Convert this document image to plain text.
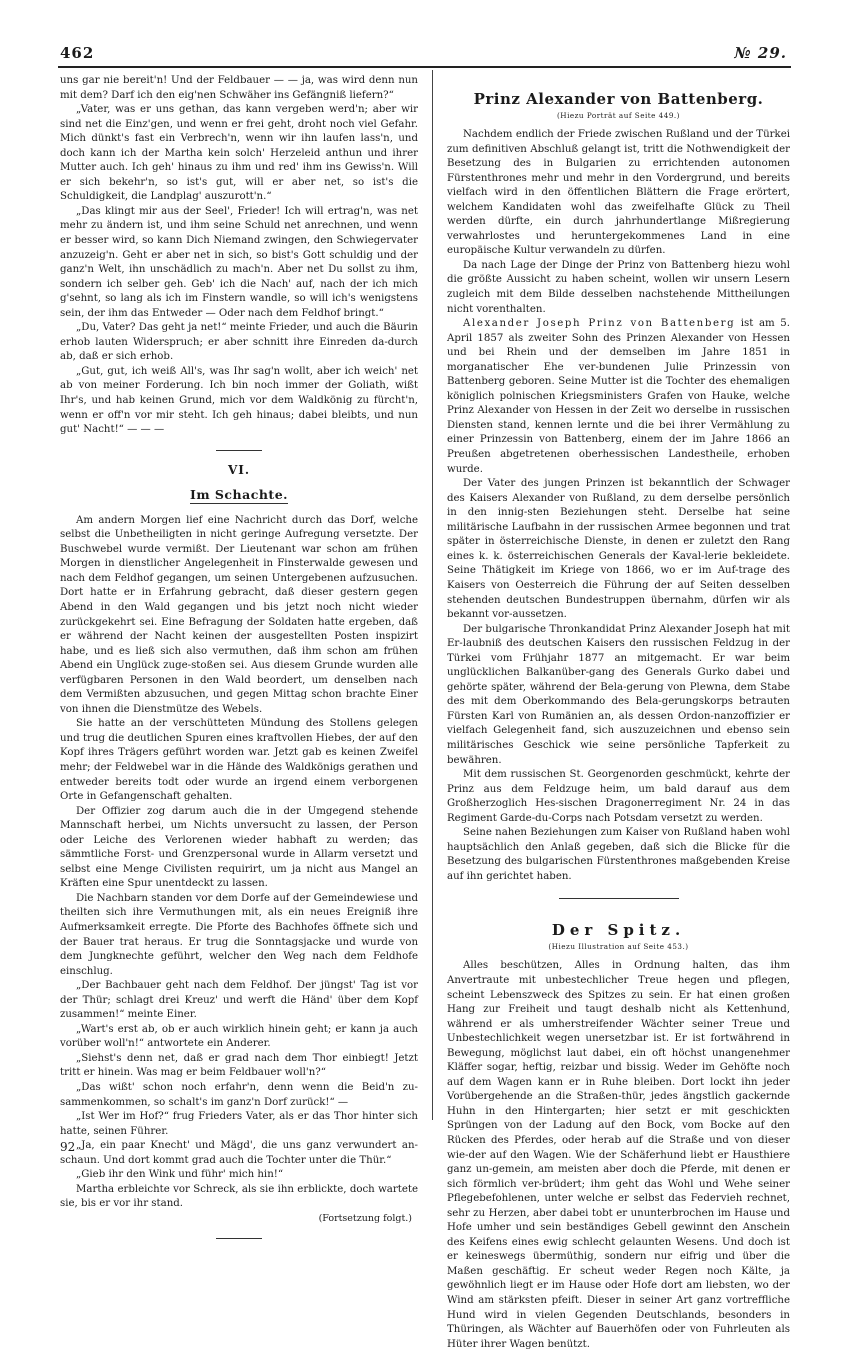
462	№ 29.

uns gar nie bereit'n! Und der Feldbauer — — ja, was wird denn nun mit dem? Darf ich den eig'nen Schwäher ins Gefängniß liefern?“

„Vater, was er uns gethan, das kann vergeben werd'n; aber wir sind net die Einz'gen, und wenn er frei geht, droht noch viel Gefahr. Mich dünkt's fast ein Verbrech'n, wenn wir ihn laufen lass'n, und doch kann ich der Martha kein solch' Herzeleid anthun und ihrer Mutter auch. Ich geh' hinaus zu ihm und red' ihm ins Gewiss'n. Will er sich bekehr'n, so ist's gut, will er aber net, so ist's die Schuldigkeit, die Landplag' auszurott'n.“

„Das klingt mir aus der Seel', Frieder! Ich will ertrag'n, was net mehr zu ändern ist, und ihm seine Schuld net anrechnen, und wenn er besser wird, so kann Dich Niemand zwingen, den Schwiegervater anzuzeig'n. Geht er aber net in sich, so bist's Gott schuldig und der ganz'n Welt, ihn unschädlich zu mach'n. Aber net Du sollst zu ihm, sondern ich selber geh. Geb' ich die Nach' auf, nach der ich mich g'sehnt, so lang als ich im Finstern wandle, so will ich's wenigstens sein, der ihm das Entweder — Oder nach dem Feldhof bringt.“

„Du, Vater? Das geht ja net!“ meinte Frieder, und auch die Bäurin erhob lauten Widerspruch; er aber schnitt ihre Einreden da-durch ab, daß er sich erhob.

„Gut, gut, ich weiß All's, was Ihr sag'n wollt, aber ich weich' net ab von meiner Forderung. Ich bin noch immer der Goliath, wißt Ihr's, und hab keinen Grund, mich vor dem Waldkönig zu fürcht'n, wenn er off'n vor mir steht. Ich geh hinaus; dabei bleibts, und nun gut' Nacht!“ — — —

VI.
Im Schachte.

Am andern Morgen lief eine Nachricht durch das Dorf, welche selbst die Unbetheiligten in nicht geringe Aufregung versetzte. Der Buschwebel wurde vermißt. Der Lieutenant war schon am frühen Morgen in dienstlicher Angelegenheit in Finsterwalde gewesen und nach dem Feldhof gegangen, um seinen Untergebenen aufzusuchen. Dort hatte er in Erfahrung gebracht, daß dieser gestern gegen Abend in den Wald gegangen und bis jetzt noch nicht wieder zurückgekehrt sei. Eine Befragung der Soldaten hatte ergeben, daß er während der Nacht keinen der ausgestellten Posten inspizirt habe, und es ließ sich also vermuthen, daß ihm schon am frühen Abend ein Unglück zuge-stoßen sei. Aus diesem Grunde wurden alle verfügbaren Personen in den Wald beordert, um denselben nach dem Vermißten abzusuchen, und gegen Mittag schon brachte Einer von ihnen die Dienstmütze des Webels.

Sie hatte an der verschütteten Mündung des Stollens gelegen und trug die deutlichen Spuren eines kraftvollen Hiebes, der auf den Kopf ihres Trägers geführt worden war. Jetzt gab es keinen Zweifel mehr; der Feldwebel war in die Hände des Waldkönigs gerathen und entweder bereits todt oder wurde an irgend einem verborgenen Orte in Gefangenschaft gehalten.

Der Offizier zog darum auch die in der Umgegend stehende Mannschaft herbei, um Nichts unversucht zu lassen, der Person oder Leiche des Verlorenen wieder habhaft zu werden; das sämmtliche Forst- und Grenzpersonal wurde in Allarm versetzt und selbst eine Menge Civilisten requirirt, um ja nicht aus Mangel an Kräften eine Spur unentdeckt zu lassen.

Die Nachbarn standen vor dem Dorfe auf der Gemeindewiese und theilten sich ihre Vermuthungen mit, als ein neues Ereigniß ihre Aufmerksamkeit erregte. Die Pforte des Bachhofes öffnete sich und der Bauer trat heraus. Er trug die Sonntagsjacke und wurde von dem Jungknechte geführt, welcher den Weg nach dem Feldhofe einschlug.

„Der Bachbauer geht nach dem Feldhof. Der jüngst' Tag ist vor der Thür; schlagt drei Kreuz' und werft die Händ' über dem Kopf zusammen!“ meinte Einer.

„Wart's erst ab, ob er auch wirklich hinein geht; er kann ja auch vorüber woll'n!“ antwortete ein Anderer.

„Siehst's denn net, daß er grad nach dem Thor einbiegt! Jetzt tritt er hinein. Was mag er beim Feldbauer woll'n?“

„Das wißt' schon noch erfahr'n, denn wenn die Beid'n zu-sammenkommen, so schalt's im ganz'n Dorf zurück!“ —

„Ist Wer im Hof?“ frug Frieders Vater, als er das Thor hinter sich hatte, seinen Führer.

„Ja, ein paar Knecht' und Mägd', die uns ganz verwundert an-schaun. Und dort kommt grad auch die Tochter unter die Thür.“

„Gieb ihr den Wink und führ' mich hin!“

Martha erbleichte vor Schreck, als sie ihn erblickte, doch wartete sie, bis er vor ihr stand.

(Fortsetzung folgt.)
Prinz Alexander von Battenberg.
(Hiezu Porträt auf Seite 449.)

Nachdem endlich der Friede zwischen Rußland und der Türkei zum definitiven Abschluß gelangt ist, tritt die Nothwendigkeit der Besetzung des in Bulgarien zu errichtenden autonomen Fürstenthrones mehr und mehr in den Vordergrund, und bereits vielfach wird in den öffentlichen Blättern die Frage erörtert, welchem Kandidaten wohl das zweifelhafte Glück zu Theil werden dürfte, ein durch jahrhundertlange Mißregierung verwahrlostes und heruntergekommenes Land in eine europäische Kultur verwandeln zu dürfen.

Da nach Lage der Dinge der Prinz von Battenberg hiezu wohl die größte Aussicht zu haben scheint, wollen wir unsern Lesern zugleich mit dem Bilde desselben nachstehende Mittheilungen nicht vorenthalten.

Alexander Joseph Prinz von Battenberg ist am 5. April 1857 als zweiter Sohn des Prinzen Alexander von Hessen und bei Rhein und der demselben im Jahre 1851 in morganatischer Ehe ver-bundenen Julie Prinzessin von Battenberg geboren. Seine Mutter ist die Tochter des ehemaligen königlich polnischen Kriegsministers Grafen von Hauke, welche Prinz Alexander von Hessen in der Zeit wo derselbe in russischen Diensten stand, kennen lernte und die bei ihrer Vermählung zu einer Prinzessin von Battenberg, einem der im Jahre 1866 an Preußen abgetretenen oberhessischen Landestheile, erhoben wurde.

Der Vater des jungen Prinzen ist bekanntlich der Schwager des Kaisers Alexander von Rußland, zu dem derselbe persönlich in den innig-sten Beziehungen steht. Derselbe hat seine militärische Laufbahn in der russischen Armee begonnen und trat später in österreichische Dienste, in denen er zuletzt den Rang eines k. k. österreichischen Generals der Kaval-lerie bekleidete. Seine Thätigkeit im Kriege von 1866, wo er im Auf-trage des Kaisers von Oesterreich die Führung der auf Seiten desselben stehenden deutschen Bundestruppen übernahm, dürfen wir als bekannt vor-aussetzen.

Der bulgarische Thronkandidat Prinz Alexander Joseph hat mit Er-laubniß des deutschen Kaisers den russischen Feldzug in der Türkei vom Frühjahr 1877 an mitgemacht. Er war beim unglücklichen Balkanüber-gang des Generals Gurko dabei und gehörte später, während der Bela-gerung von Plewna, dem Stabe des mit dem Oberkommando des Bela-gerungskorps betrauten Fürsten Karl von Rumänien an, als dessen Ordon-nanzoffizier er vielfach Gelegenheit fand, sich auszuzeichnen und ebenso sein militärisches Geschick wie seine persönliche Tapferkeit zu bewähren.

Mit dem russischen St. Georgenorden geschmückt, kehrte der Prinz aus dem Feldzuge heim, um bald darauf aus dem Großherzoglich Hes-sischen Dragonerregiment Nr. 24 in das Regiment Garde-du-Corps nach Potsdam versetzt zu werden.

Seine nahen Beziehungen zum Kaiser von Rußland haben wohl hauptsächlich den Anlaß gegeben, daß sich die Blicke für die Besetzung des bulgarischen Fürstenthrones maßgebenden Kreise auf ihn gerichtet haben.

Der Spitz.
(Hiezu Illustration auf Seite 453.)

Alles beschützen, Alles in Ordnung halten, das ihm Anvertraute mit unbestechlicher Treue hegen und pflegen, scheint Lebenszweck des Spitzes zu sein. Er hat einen großen Hang zur Freiheit und taugt deshalb nicht als Kettenhund, während er als umherstreifender Wächter seiner Treue und Unbestechlichkeit wegen unersetzbar ist. Er ist fortwährend in Bewegung, möglichst laut dabei, ein oft höchst unangenehmer Kläffer sogar, heftig, reizbar und bissig. Weder im Gehöfte noch auf dem Wagen kann er in Ruhe bleiben. Dort lockt ihn jeder Vorübergehende an die Straßen-thür, jedes ängstlich gackernde Huhn in den Hintergarten; hier setzt er mit geschickten Sprüngen von der Ladung auf den Bock, vom Bocke auf den Rücken des Pferdes, oder herab auf die Straße und von dieser wie-der auf den Wagen. Wie der Schäferhund liebt er Hausthiere ganz un-gemein, am meisten aber doch die Pferde, mit denen er sich förmlich ver-brüdert; ihm geht das Wohl und Wehe seiner Pflegebefohlenen, unter welche er selbst das Federvieh rechnet, sehr zu Herzen, aber dabei tobt er ununterbrochen im Hause und Hofe umher und sein beständiges Gebell gewinnt den Anschein des Keifens eines ewig schlecht gelaunten Wesens. Und doch ist er keineswegs übermüthig, sondern nur eifrig und über die Maßen geschäftig. Er scheut weder Regen noch Kälte, ja gewöhnlich liegt er im Hause oder Hofe dort am liebsten, wo der Wind am stärksten pfeift. Dieser in seiner Art ganz vortreffliche Hund wird in vielen Gegenden Deutschlands, besonders in Thüringen, als Wächter auf Bauerhöfen oder von Fuhrleuten als Hüter ihrer Wagen benützt.

92
